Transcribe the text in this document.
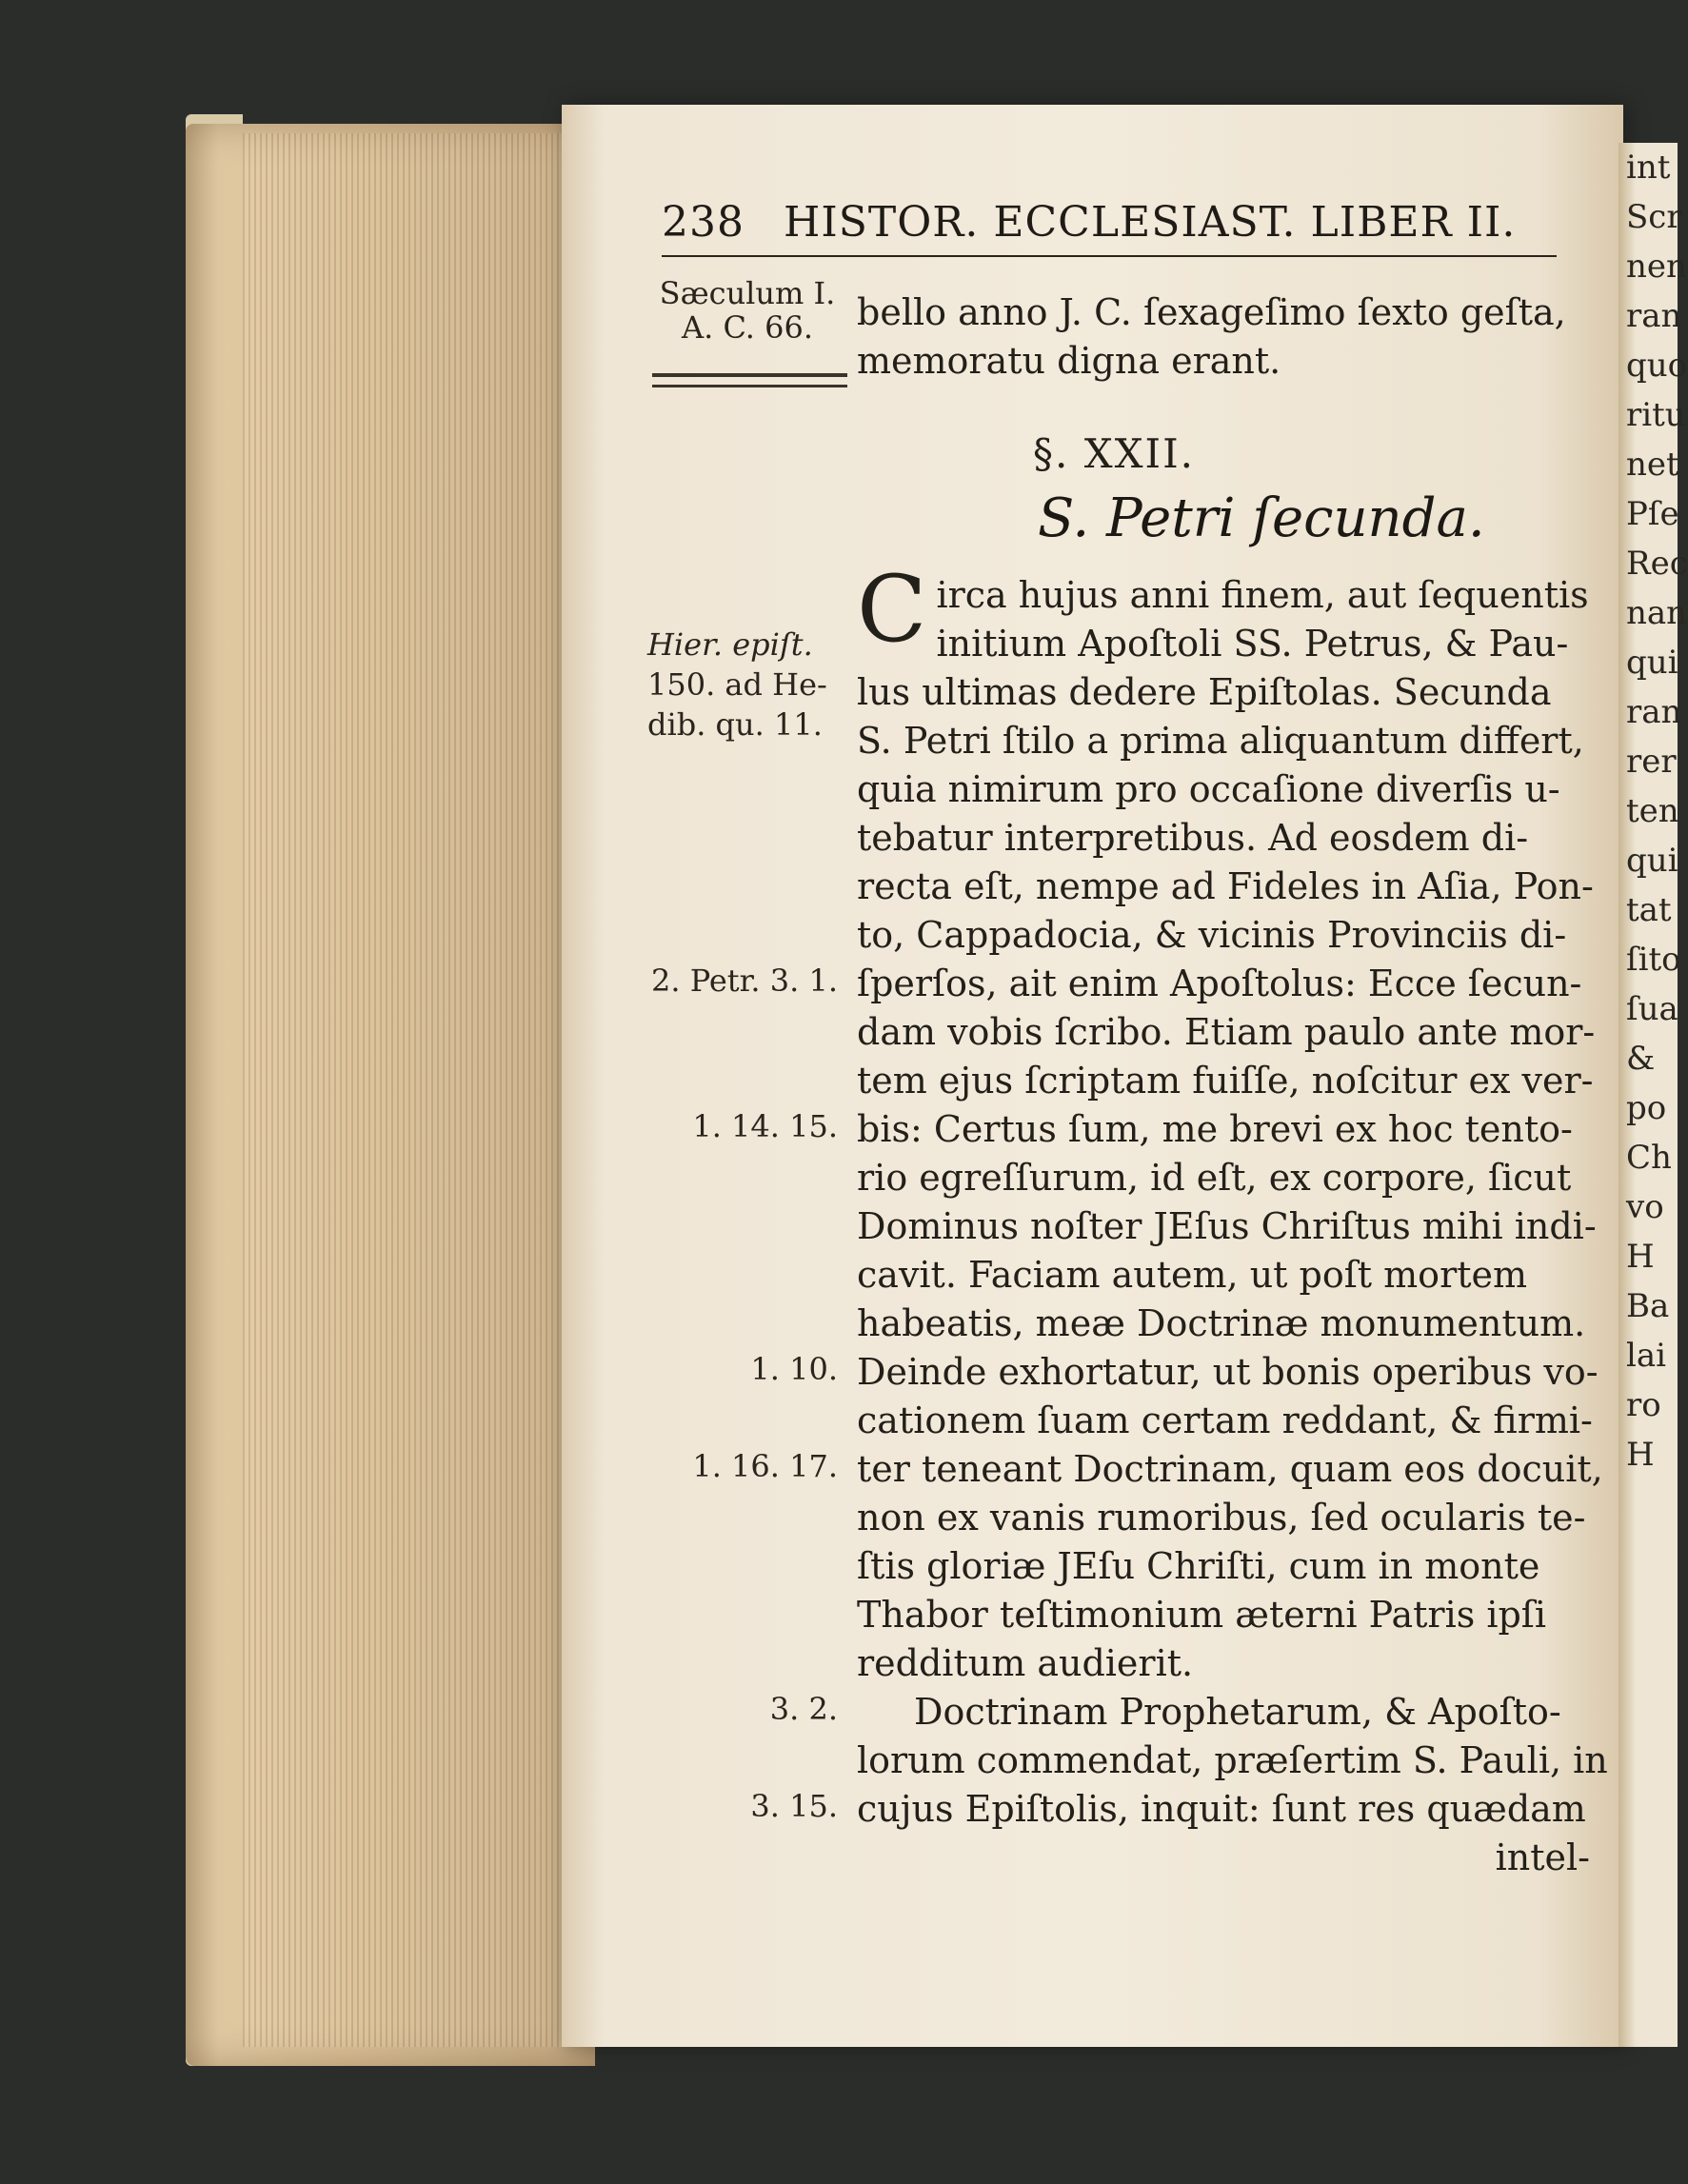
int
Scr
nen
ran
quo
ritu
net
Pſe
Rec
nan
qui
ran
rer
ten
qui
tat
ſito
ſua
&
po
Ch
vo
H
Ba
lai
ro
H
238 HISTOR. ECCLESIAST. LIBER II.
Sæculum I.
A. C. 66.	bello anno J. C. ſexageſimo ſexto geſta,
memoratu digna erant.
§. XXII.
S. Petri ſecunda.
C irca hujus anni finem, aut ſequentis
initium Apoſtoli SS. Petrus, & Pau-
lus ultimas dedere Epiſtolas. Secunda
S. Petri ſtilo a prima aliquantum differt,
quia nimirum pro occaſione diverſis u-
tebatur interpretibus. Ad eosdem di-
recta eſt, nempe ad Fideles in Aſia, Pon-
to, Cappadocia, & vicinis Provinciis di-
ſperſos, ait enim Apoſtolus: Ecce ſecun-
dam vobis ſcribo. Etiam paulo ante mor-
tem ejus ſcriptam fuiſſe, noſcitur ex ver-
bis: Certus ſum, me brevi ex hoc tento-
rio egreſſurum, id eſt, ex corpore, ſicut
Dominus noſter JEſus Chriſtus mihi indi-
cavit. Faciam autem, ut poſt mortem
habeatis, meæ Doctrinæ monumentum.
Deinde exhortatur, ut bonis operibus vo-
cationem ſuam certam reddant, & firmi-
ter teneant Doctrinam, quam eos docuit,
non ex vanis rumoribus, ſed ocularis te-
ſtis gloriæ JEſu Chriſti, cum in monte
Thabor teſtimonium æterni Patris ipſi
redditum audierit.
Doctrinam Prophetarum, & Apoſto-
lorum commendat, præſertim S. Pauli, in
cujus Epiſtolis, inquit: ſunt res quædam
intel-
Hier. epiſt.
150. ad He-
dib. qu. 11.
2. Petr. 3. 1.
1. 14. 15.
1. 10.
1. 16. 17.
3. 2.
3. 15.
